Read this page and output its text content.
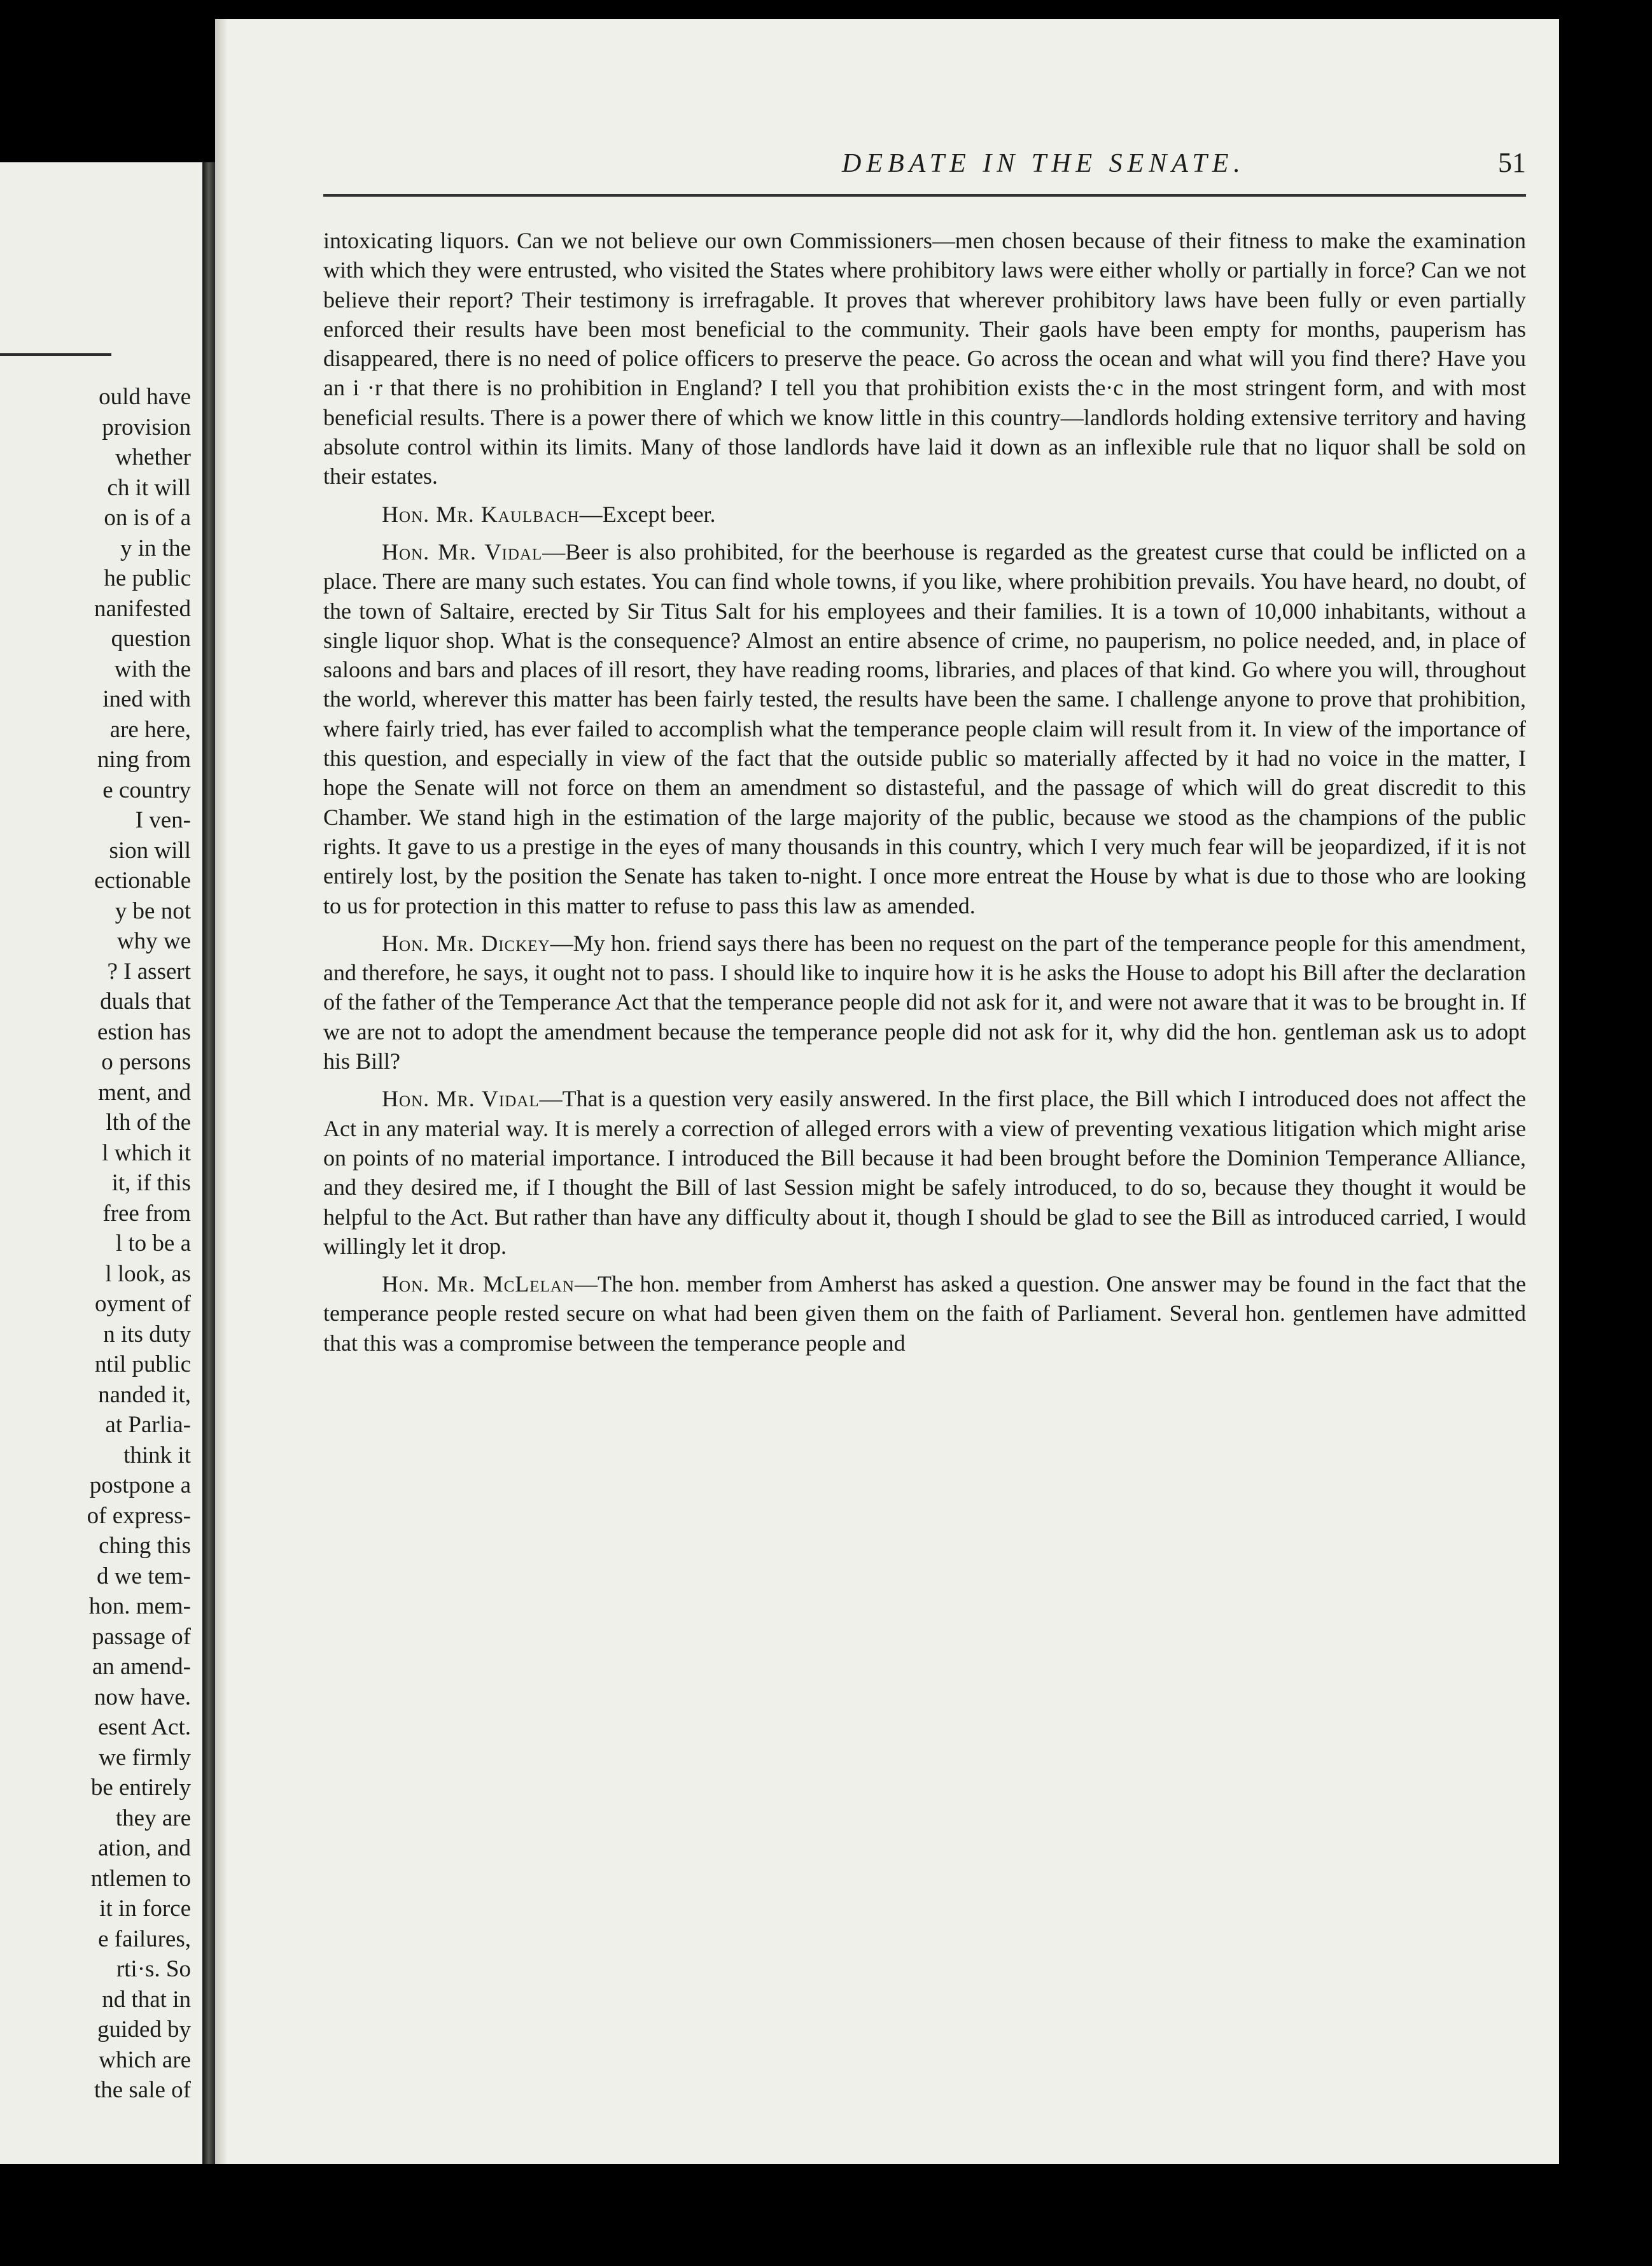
ould have
provision
whether
ch it will
on is of a
y in the
he public
nanifested
question
with the
ined with
are here,
ning from
e country
I ven-
sion will
ectionable
y be not
why we
? I assert
duals that
estion has
o persons
ment, and
lth of the
l which it
it, if this
free from
l to be a
l look, as
oyment of
n its duty
ntil public
nanded it,
at Parlia-
think it
postpone a
of express-
ching this
d we tem-
hon. mem-
passage of
an amend-
now have.
esent Act.
we firmly
be entirely
they are
ation, and
ntlemen to
it in force
e failures,
rti·s. So
nd that in
guided by
which are
the sale of
DEBATE IN THE SENATE.	51

intoxicating liquors. Can we not believe our own Commissioners—men chosen because of their fitness to make the examination with which they were entrusted, who visited the States where prohibitory laws were either wholly or partially in force? Can we not believe their report? Their testimony is irrefragable. It proves that wherever prohibitory laws have been fully or even partially enforced their results have been most beneficial to the community. Their gaols have been empty for months, pauperism has disappeared, there is no need of police officers to preserve the peace. Go across the ocean and what will you find there? Have you an i ·r that there is no prohibition in England? I tell you that prohibition exists the·c in the most stringent form, and with most beneficial results. There is a power there of which we know little in this country—landlords holding extensive territory and having absolute control within its limits. Many of those landlords have laid it down as an inflexible rule that no liquor shall be sold on their estates.

Hon. Mr. Kaulbach—Except beer.

Hon. Mr. Vidal—Beer is also prohibited, for the beerhouse is regarded as the greatest curse that could be inflicted on a place. There are many such estates. You can find whole towns, if you like, where prohibition prevails. You have heard, no doubt, of the town of Saltaire, erected by Sir Titus Salt for his employees and their families. It is a town of 10,000 inhabitants, without a single liquor shop. What is the consequence? Almost an entire absence of crime, no pauperism, no police needed, and, in place of saloons and bars and places of ill resort, they have reading rooms, libraries, and places of that kind. Go where you will, throughout the world, wherever this matter has been fairly tested, the results have been the same. I challenge anyone to prove that prohibition, where fairly tried, has ever failed to accomplish what the temperance people claim will result from it. In view of the importance of this question, and especially in view of the fact that the outside public so materially affected by it had no voice in the matter, I hope the Senate will not force on them an amendment so distasteful, and the passage of which will do great discredit to this Chamber. We stand high in the estimation of the large majority of the public, because we stood as the champions of the public rights. It gave to us a prestige in the eyes of many thousands in this country, which I very much fear will be jeopardized, if it is not entirely lost, by the position the Senate has taken to-night. I once more entreat the House by what is due to those who are looking to us for protection in this matter to refuse to pass this law as amended.

Hon. Mr. Dickey—My hon. friend says there has been no request on the part of the temperance people for this amendment, and therefore, he says, it ought not to pass. I should like to inquire how it is he asks the House to adopt his Bill after the declaration of the father of the Temperance Act that the temperance people did not ask for it, and were not aware that it was to be brought in. If we are not to adopt the amendment because the temperance people did not ask for it, why did the hon. gentleman ask us to adopt his Bill?

Hon. Mr. Vidal—That is a question very easily answered. In the first place, the Bill which I introduced does not affect the Act in any material way. It is merely a correction of alleged errors with a view of preventing vexatious litigation which might arise on points of no material importance. I introduced the Bill because it had been brought before the Dominion Temperance Alliance, and they desired me, if I thought the Bill of last Session might be safely introduced, to do so, because they thought it would be helpful to the Act. But rather than have any difficulty about it, though I should be glad to see the Bill as introduced carried, I would willingly let it drop.

Hon. Mr. McLelan—The hon. member from Amherst has asked a question. One answer may be found in the fact that the temperance people rested secure on what had been given them on the faith of Parliament. Several hon. gentlemen have admitted that this was a compromise between the temperance people and
